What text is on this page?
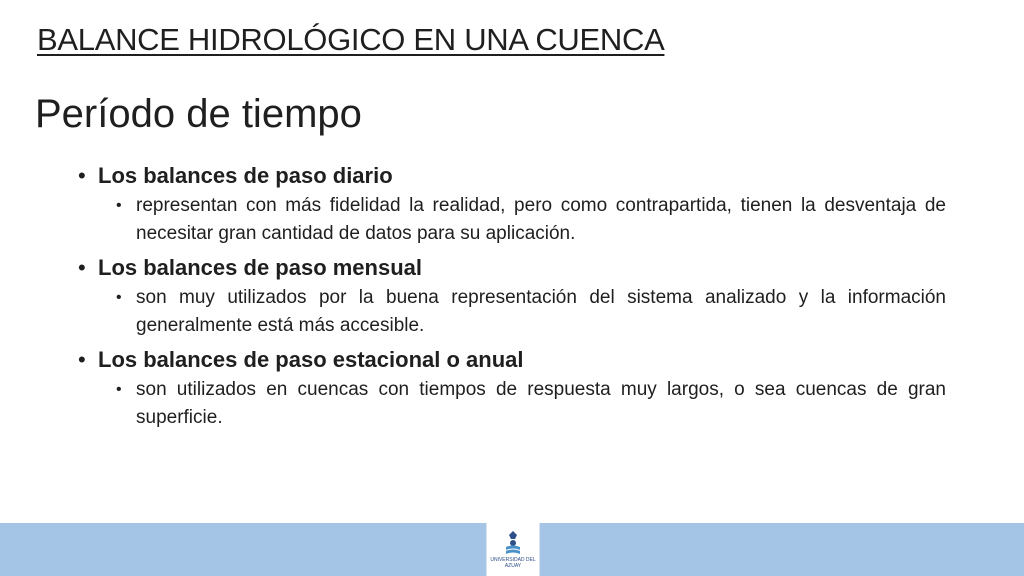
BALANCE HIDROLÓGICO EN UNA CUENCA
Período de tiempo
• Los balances de paso diario
• representan con más fidelidad la realidad, pero como contrapartida, tienen la desventaja de necesitar gran cantidad de datos para su aplicación.
• Los balances de paso mensual
• son muy utilizados por la buena representación del sistema analizado y la información generalmente está más accesible.
• Los balances de paso estacional o anual
• son utilizados en cuencas con tiempos de respuesta muy largos, o sea cuencas de gran superficie.
UNIVERSIDAD DEL AZUAY
